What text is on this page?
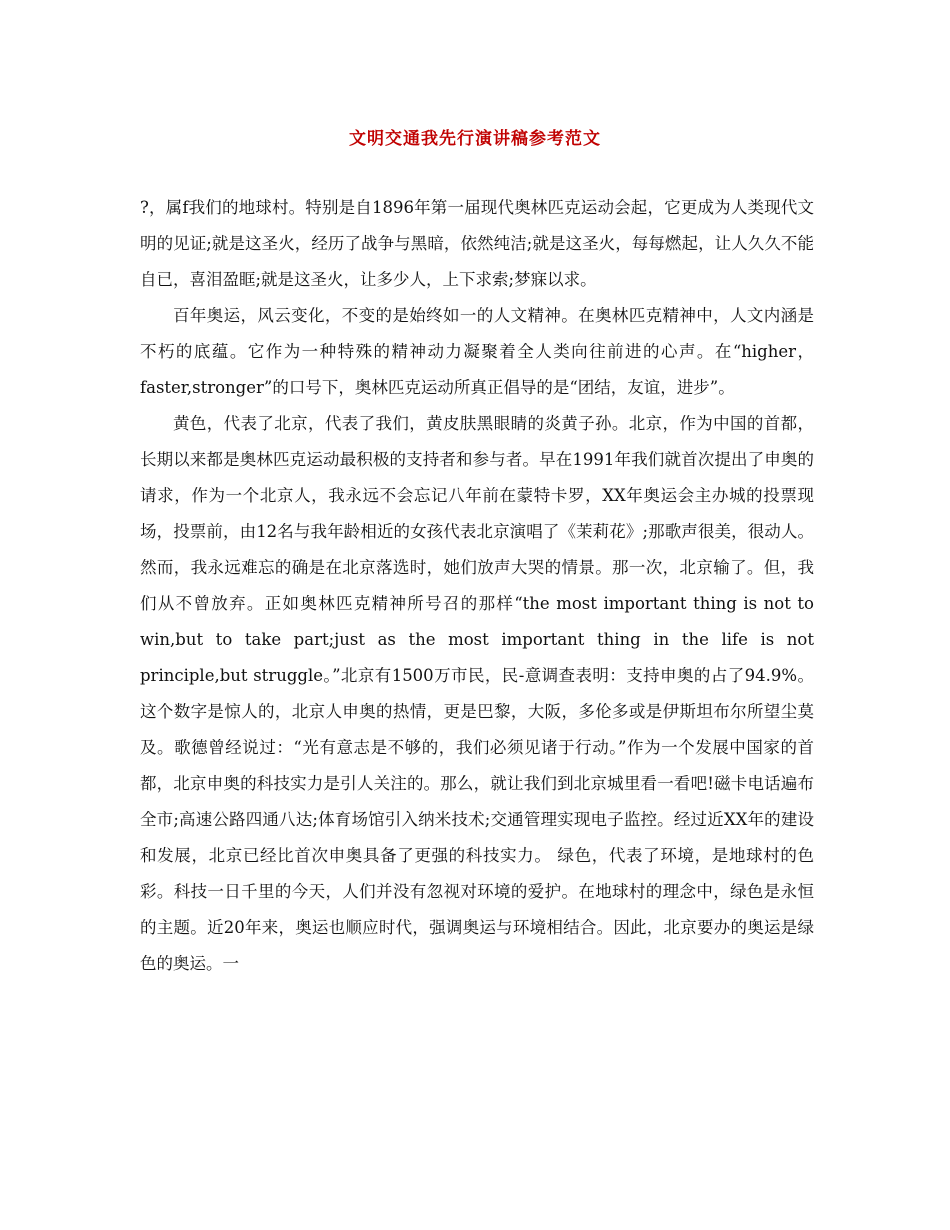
文明交通我先行演讲稿参考范文

?，属f我们的地球村。特别是自1896年第一届现代奥林匹克运动会起，它更成为人类现代文明的见证;就是这圣火，经历了战争与黑暗，依然纯洁;就是这圣火，每每燃起，让人久久不能自已，喜泪盈眶;就是这圣火，让多少人，上下求索;梦寐以求。

百年奥运，风云变化，不变的是始终如一的人文精神。在奥林匹克精神中，人文内涵是不朽的底蕴。它作为一种特殊的精神动力凝聚着全人类向往前进的心声。在“higher，faster,stronger”的口号下，奥林匹克运动所真正倡导的是“团结，友谊，进步”。

黄色，代表了北京，代表了我们，黄皮肤黑眼睛的炎黄子孙。北京，作为中国的首都，长期以来都是奥林匹克运动最积极的支持者和参与者。早在1991年我们就首次提出了申奥的请求，作为一个北京人，我永远不会忘记八年前在蒙特卡罗，XX年奥运会主办城的投票现场，投票前，由12名与我年龄相近的女孩代表北京演唱了《茉莉花》;那歌声很美，很动人。然而，我永远难忘的确是在北京落选时，她们放声大哭的情景。那一次，北京输了。但，我们从不曾放弃。正如奥林匹克精神所号召的那样“the most important thing is not to win,but to take part;just as the most important thing in the life is not principle,but struggle。”北京有1500万市民，民-意调查表明：支持申奥的占了94.9%。这个数字是惊人的，北京人申奥的热情，更是巴黎，大阪，多伦多或是伊斯坦布尔所望尘莫及。歌德曾经说过：“光有意志是不够的，我们必须见诸于行动。”作为一个发展中国家的首都，北京申奥的科技实力是引人关注的。那么，就让我们到北京城里看一看吧!磁卡电话遍布全市;高速公路四通八达;体育场馆引入纳米技术;交通管理实现电子监控。经过近XX年的建设和发展，北京已经比首次申奥具备了更强的科技实力。 绿色，代表了环境，是地球村的色彩。科技一日千里的今天，人们并没有忽视对环境的爱护。在地球村的理念中，绿色是永恒的主题。近20年来，奥运也顺应时代，强调奥运与环境相结合。因此，北京要办的奥运是绿色的奥运。一
